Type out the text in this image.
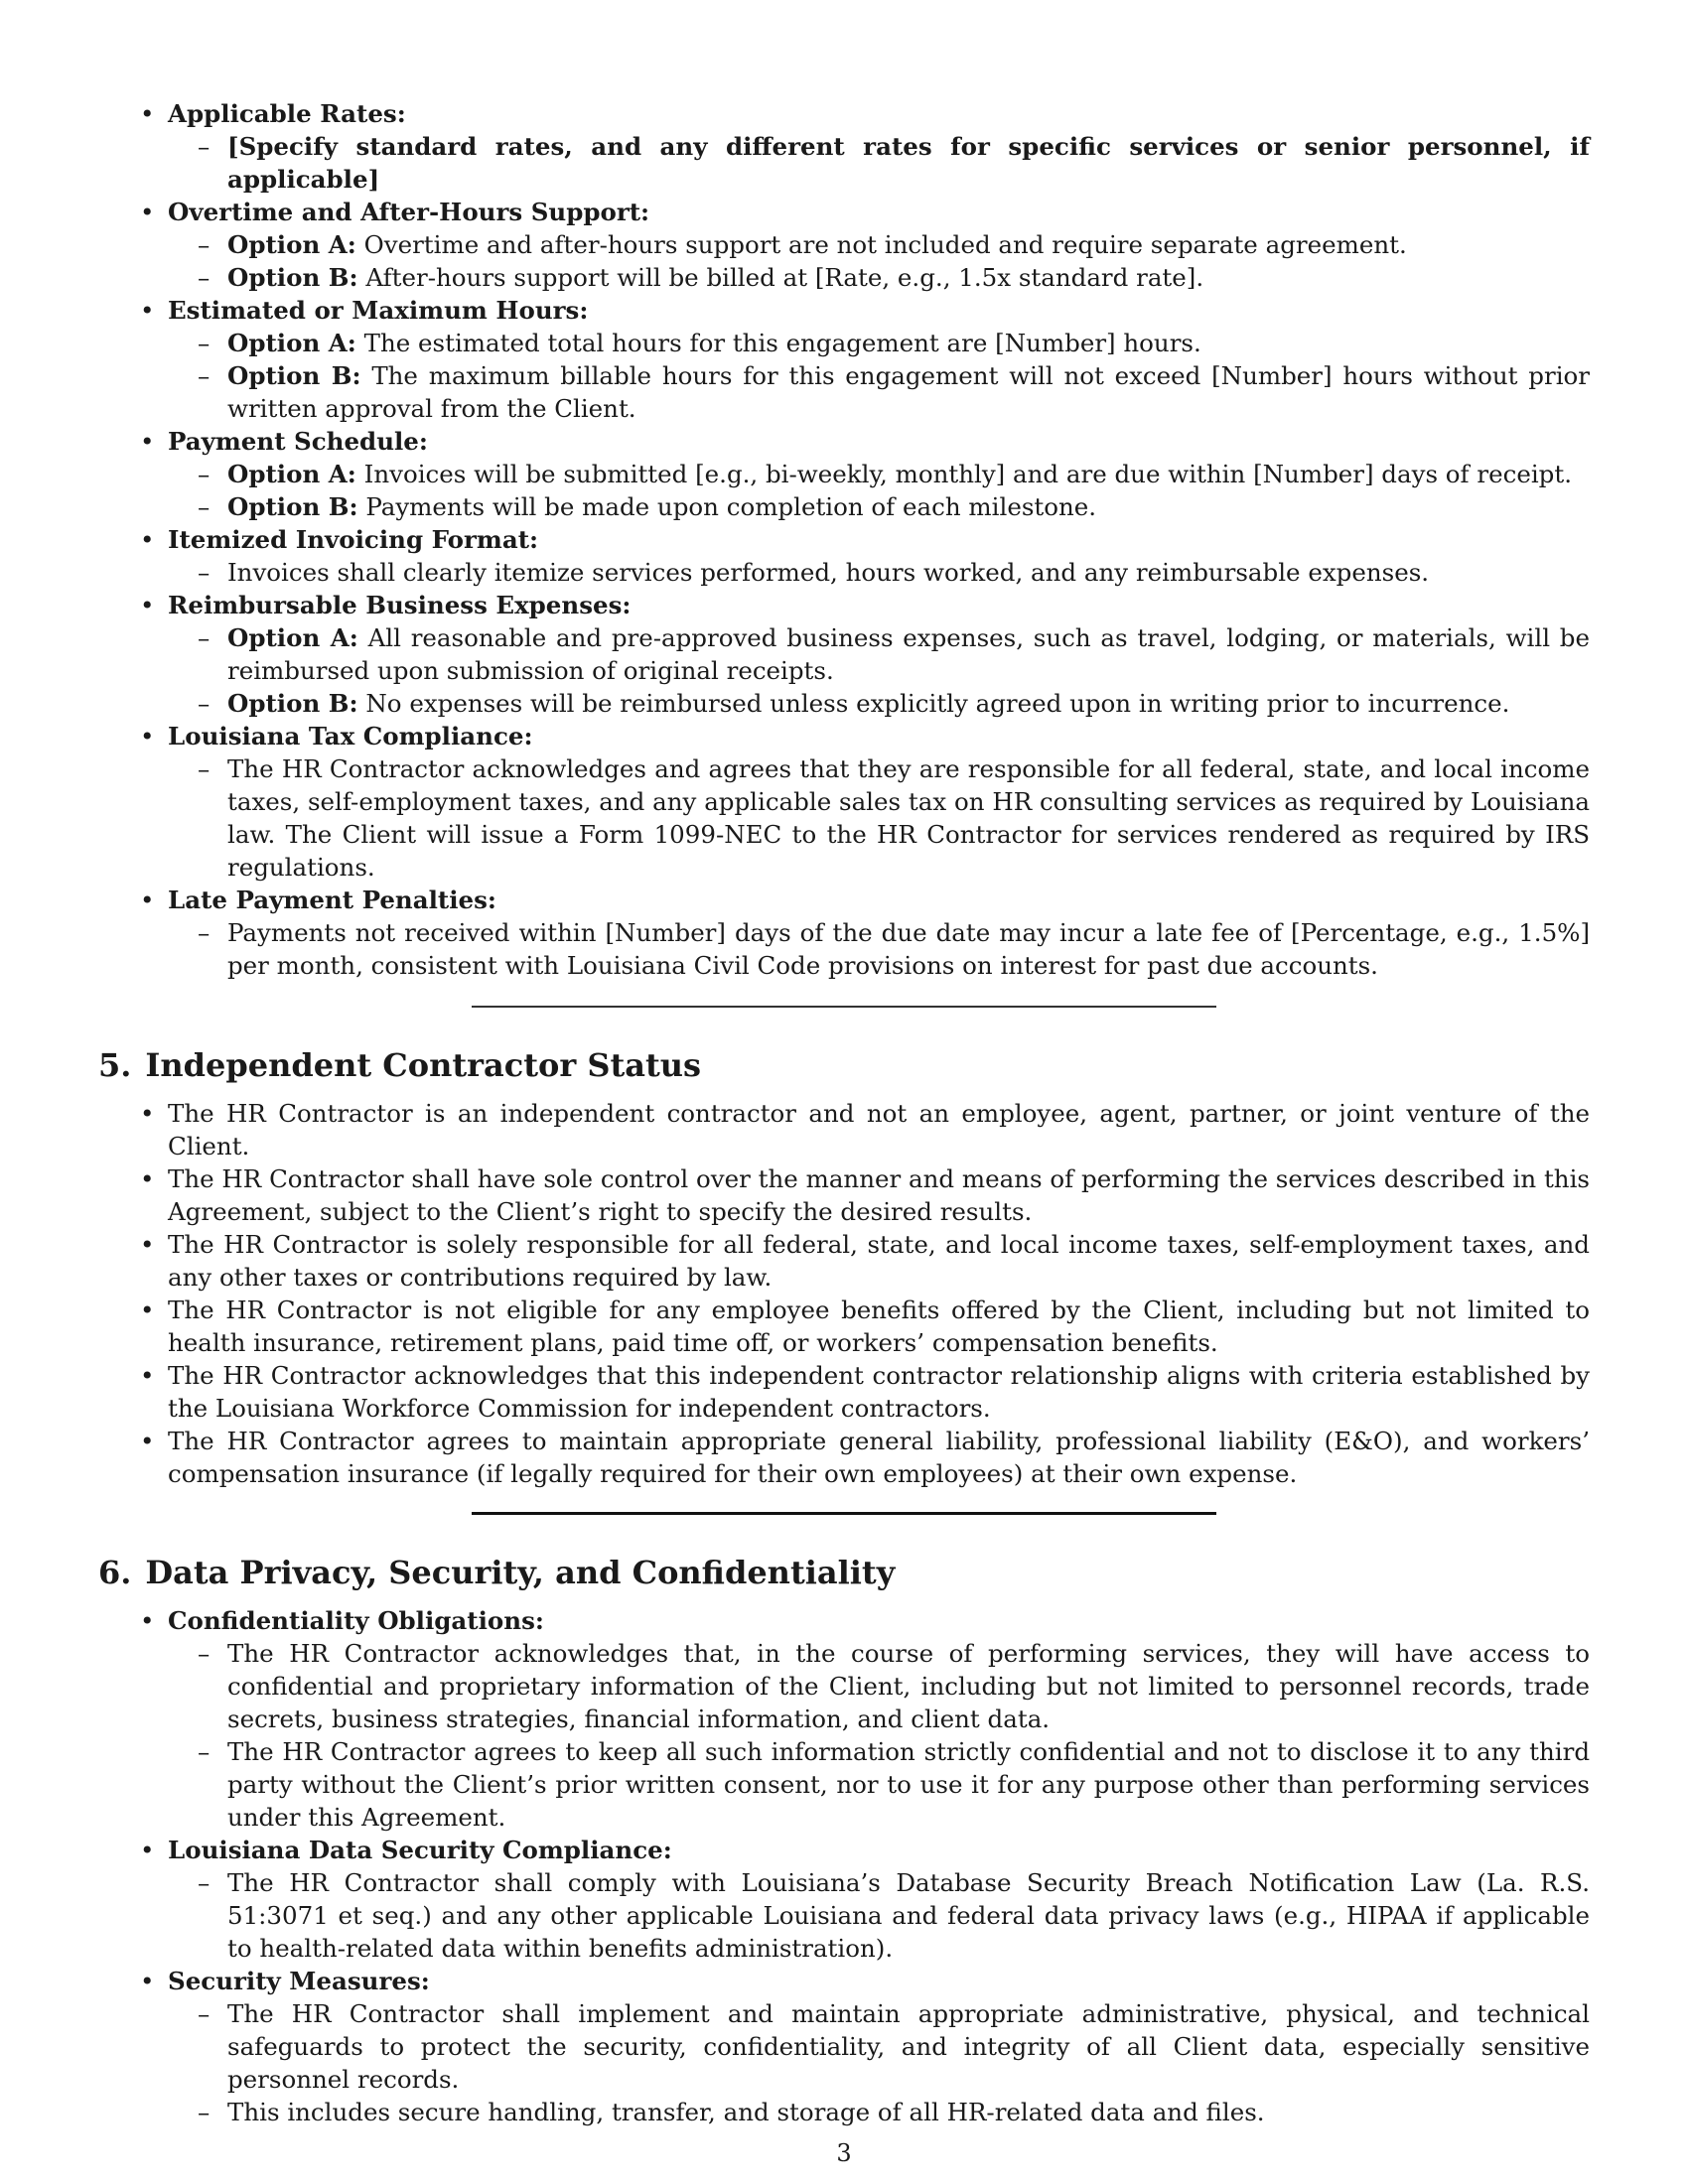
• Applicable Rates:
– [Specify standard rates, and any different rates for specific services or senior personnel, if applicable]
• Overtime and After-Hours Support:
– Option A: Overtime and after-hours support are not included and require separate agreement.
– Option B: After-hours support will be billed at [Rate, e.g., 1.5x standard rate].
• Estimated or Maximum Hours:
– Option A: The estimated total hours for this engagement are [Number] hours.
– Option B: The maximum billable hours for this engagement will not exceed [Number] hours without prior written approval from the Client.
• Payment Schedule:
– Option A: Invoices will be submitted [e.g., bi-weekly, monthly] and are due within [Number] days of receipt.
– Option B: Payments will be made upon completion of each milestone.
• Itemized Invoicing Format:
– Invoices shall clearly itemize services performed, hours worked, and any reimbursable expenses.
• Reimbursable Business Expenses:
– Option A: All reasonable and pre-approved business expenses, such as travel, lodging, or materials, will be reimbursed upon submission of original receipts.
– Option B: No expenses will be reimbursed unless explicitly agreed upon in writing prior to incurrence.
• Louisiana Tax Compliance:
– The HR Contractor acknowledges and agrees that they are responsible for all federal, state, and local income taxes, self-employment taxes, and any applicable sales tax on HR consulting services as required by Louisiana law. The Client will issue a Form 1099-NEC to the HR Contractor for services rendered as required by IRS regulations.
• Late Payment Penalties:
– Payments not received within [Number] days of the due date may incur a late fee of [Percentage, e.g., 1.5%] per month, consistent with Louisiana Civil Code provisions on interest for past due accounts.
5. Independent Contractor Status
• The HR Contractor is an independent contractor and not an employee, agent, partner, or joint venture of the Client.
• The HR Contractor shall have sole control over the manner and means of performing the services described in this Agreement, subject to the Client’s right to specify the desired results.
• The HR Contractor is solely responsible for all federal, state, and local income taxes, self-employment taxes, and any other taxes or contributions required by law.
• The HR Contractor is not eligible for any employee benefits offered by the Client, including but not limited to health insurance, retirement plans, paid time off, or workers’ compensation benefits.
• The HR Contractor acknowledges that this independent contractor relationship aligns with criteria established by the Louisiana Workforce Commission for independent contractors.
• The HR Contractor agrees to maintain appropriate general liability, professional liability (E&O), and workers’ compensation insurance (if legally required for their own employees) at their own expense.
6. Data Privacy, Security, and Confidentiality
• Confidentiality Obligations:
– The HR Contractor acknowledges that, in the course of performing services, they will have access to confidential and proprietary information of the Client, including but not limited to personnel records, trade secrets, business strategies, financial information, and client data.
– The HR Contractor agrees to keep all such information strictly confidential and not to disclose it to any third party without the Client’s prior written consent, nor to use it for any purpose other than performing services under this Agreement.
• Louisiana Data Security Compliance:
– The HR Contractor shall comply with Louisiana’s Database Security Breach Notification Law (La. R.S. 51:3071 et seq.) and any other applicable Louisiana and federal data privacy laws (e.g., HIPAA if applicable to health-related data within benefits administration).
• Security Measures:
– The HR Contractor shall implement and maintain appropriate administrative, physical, and technical safeguards to protect the security, confidentiality, and integrity of all Client data, especially sensitive personnel records.
– This includes secure handling, transfer, and storage of all HR-related data and files.
3
